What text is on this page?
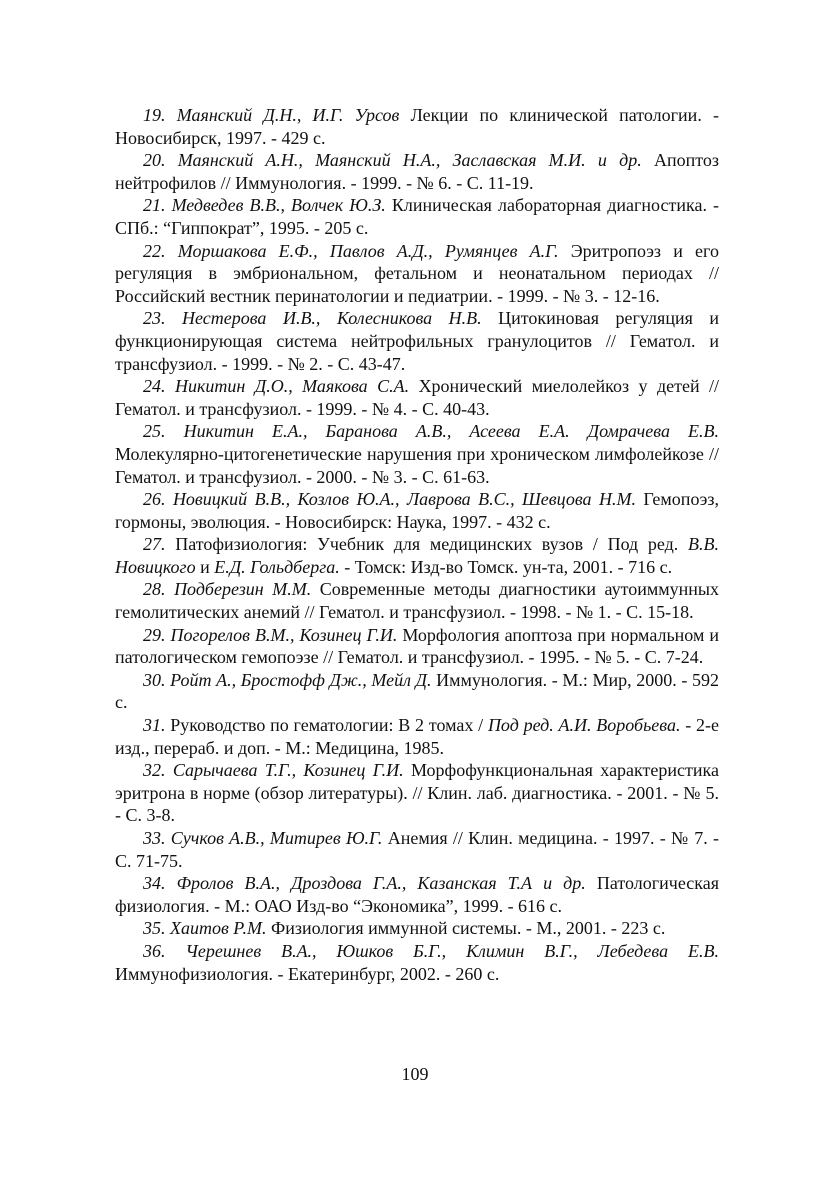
19. Маянский Д.Н., И.Г. Урсов Лекции по клинической патологии. - Новосибирск, 1997. - 429 с.

20. Маянский А.Н., Маянский Н.А., Заславская М.И. и др. Апоптоз нейтрофилов // Иммунология. - 1999. - № 6. - С. 11-19.

21. Медведев В.В., Волчек Ю.З. Клиническая лабораторная диагностика. - СПб.: “Гиппократ”, 1995. - 205 с.

22. Моршакова Е.Ф., Павлов А.Д., Румянцев А.Г. Эритропоэз и его регуляция в эмбриональном, фетальном и неонатальном периодах // Российский вестник перинатологии и педиатрии. - 1999. - № 3. - 12-16.

23. Нестерова И.В., Колесникова Н.В. Цитокиновая регуляция и функционирующая система нейтрофильных гранулоцитов // Гематол. и трансфузиол. - 1999. - № 2. - С. 43-47.

24. Никитин Д.О., Маякова С.А. Хронический миелолейкоз у детей // Гематол. и трансфузиол. - 1999. - № 4. - С. 40-43.

25. Никитин Е.А., Баранова А.В., Асеева Е.А. Домрачева Е.В. Молекулярно-цитогенетические нарушения при хроническом лимфолейкозе // Гематол. и трансфузиол. - 2000. - № 3. - С. 61-63.

26. Новицкий В.В., Козлов Ю.А., Лаврова В.С., Шевцова Н.М. Гемопоэз, гормоны, эволюция. - Новосибирск: Наука, 1997. - 432 с.

27. Патофизиология: Учебник для медицинских вузов / Под ред. В.В. Новицкого и Е.Д. Гольдберга. - Томск: Изд-во Томск. ун-та, 2001. - 716 с.

28. Подберезин М.М. Современные методы диагностики аутоиммунных гемолитических анемий // Гематол. и трансфузиол. - 1998. - № 1. - С. 15-18.

29. Погорелов В.М., Козинец Г.И. Морфология апоптоза при нормальном и патологическом гемопоэзе // Гематол. и трансфузиол. - 1995. - № 5. - С. 7-24.

30. Ройт А., Бростофф Дж., Мейл Д. Иммунология. - М.: Мир, 2000. - 592 с.

31. Руководство по гематологии: В 2 томах / Под ред. А.И. Воробьева. - 2-е изд., перераб. и доп. - М.: Медицина, 1985.

32. Сарычаева Т.Г., Козинец Г.И. Морфофункциональная характеристика эритрона в норме (обзор литературы). // Клин. лаб. диагностика. - 2001. - № 5. - С. 3-8.

33. Сучков А.В., Митирев Ю.Г. Анемия // Клин. медицина. - 1997. - № 7. - С. 71-75.

34. Фролов В.А., Дроздова Г.А., Казанская Т.А и др. Патологическая физиология. - М.: ОАО Изд-во “Экономика”, 1999. - 616 с.

35. Хаитов Р.М. Физиология иммунной системы. - М., 2001. - 223 с.

36. Черешнев В.А., Юшков Б.Г., Климин В.Г., Лебедева Е.В. Иммунофизиология. - Екатеринбург, 2002. - 260 с.

109
